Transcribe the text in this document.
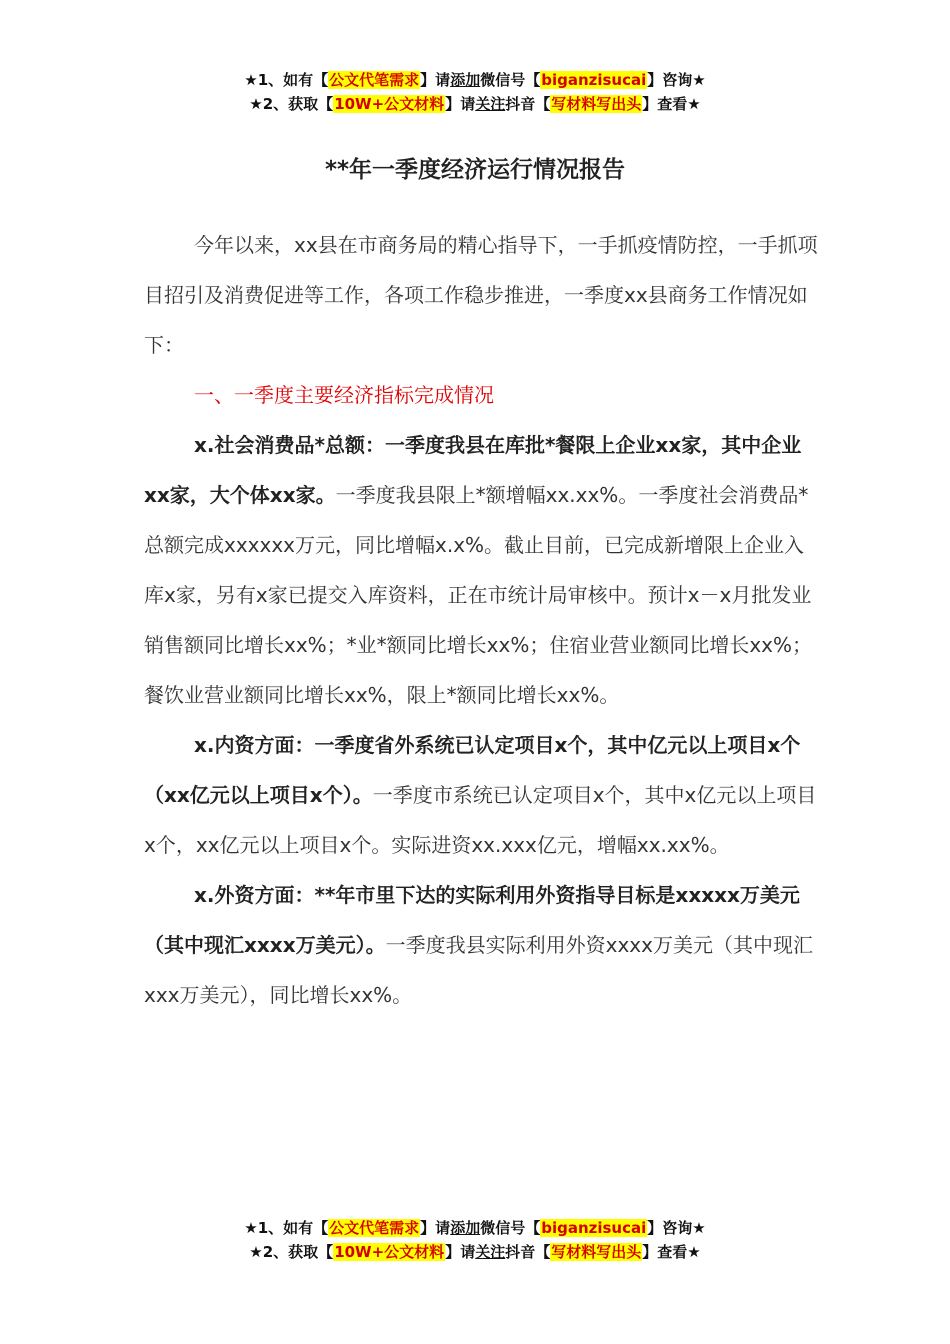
★1、如有【公文代笔需求】请添加微信号【biganzisucai】咨询★
★2、获取【10W+公文材料】请关注抖音【写材料写出头】查看★
**年一季度经济运行情况报告

今年以来，xx县在市商务局的精心指导下，一手抓疫情防控，一手抓项目招引及消费促进等工作，各项工作稳步推进，一季度xx县商务工作情况如下：

一、一季度主要经济指标完成情况

x.社会消费品*总额：一季度我县在库批*餐限上企业xx家，其中企业xx家，大个体xx家。一季度我县限上*额增幅xx.xx%。一季度社会消费品*总额完成xxxxxx万元，同比增幅x.x%。截止目前，已完成新增限上企业入库x家，另有x家已提交入库资料，正在市统计局审核中。预计x－x月批发业销售额同比增长xx%；*业*额同比增长xx%；住宿业营业额同比增长xx%；餐饮业营业额同比增长xx%，限上*额同比增长xx%。

x.内资方面：一季度省外系统已认定项目x个，其中亿元以上项目x个（xx亿元以上项目x个）。一季度市系统已认定项目x个，其中x亿元以上项目x个，xx亿元以上项目x个。实际进资xx.xxx亿元，增幅xx.xx%。

x.外资方面：**年市里下达的实际利用外资指导目标是xxxxx万美元（其中现汇xxxx万美元）。一季度我县实际利用外资xxxx万美元（其中现汇xxx万美元），同比增长xx%。

★1、如有【公文代笔需求】请添加微信号【biganzisucai】咨询★
★2、获取【10W+公文材料】请关注抖音【写材料写出头】查看★
